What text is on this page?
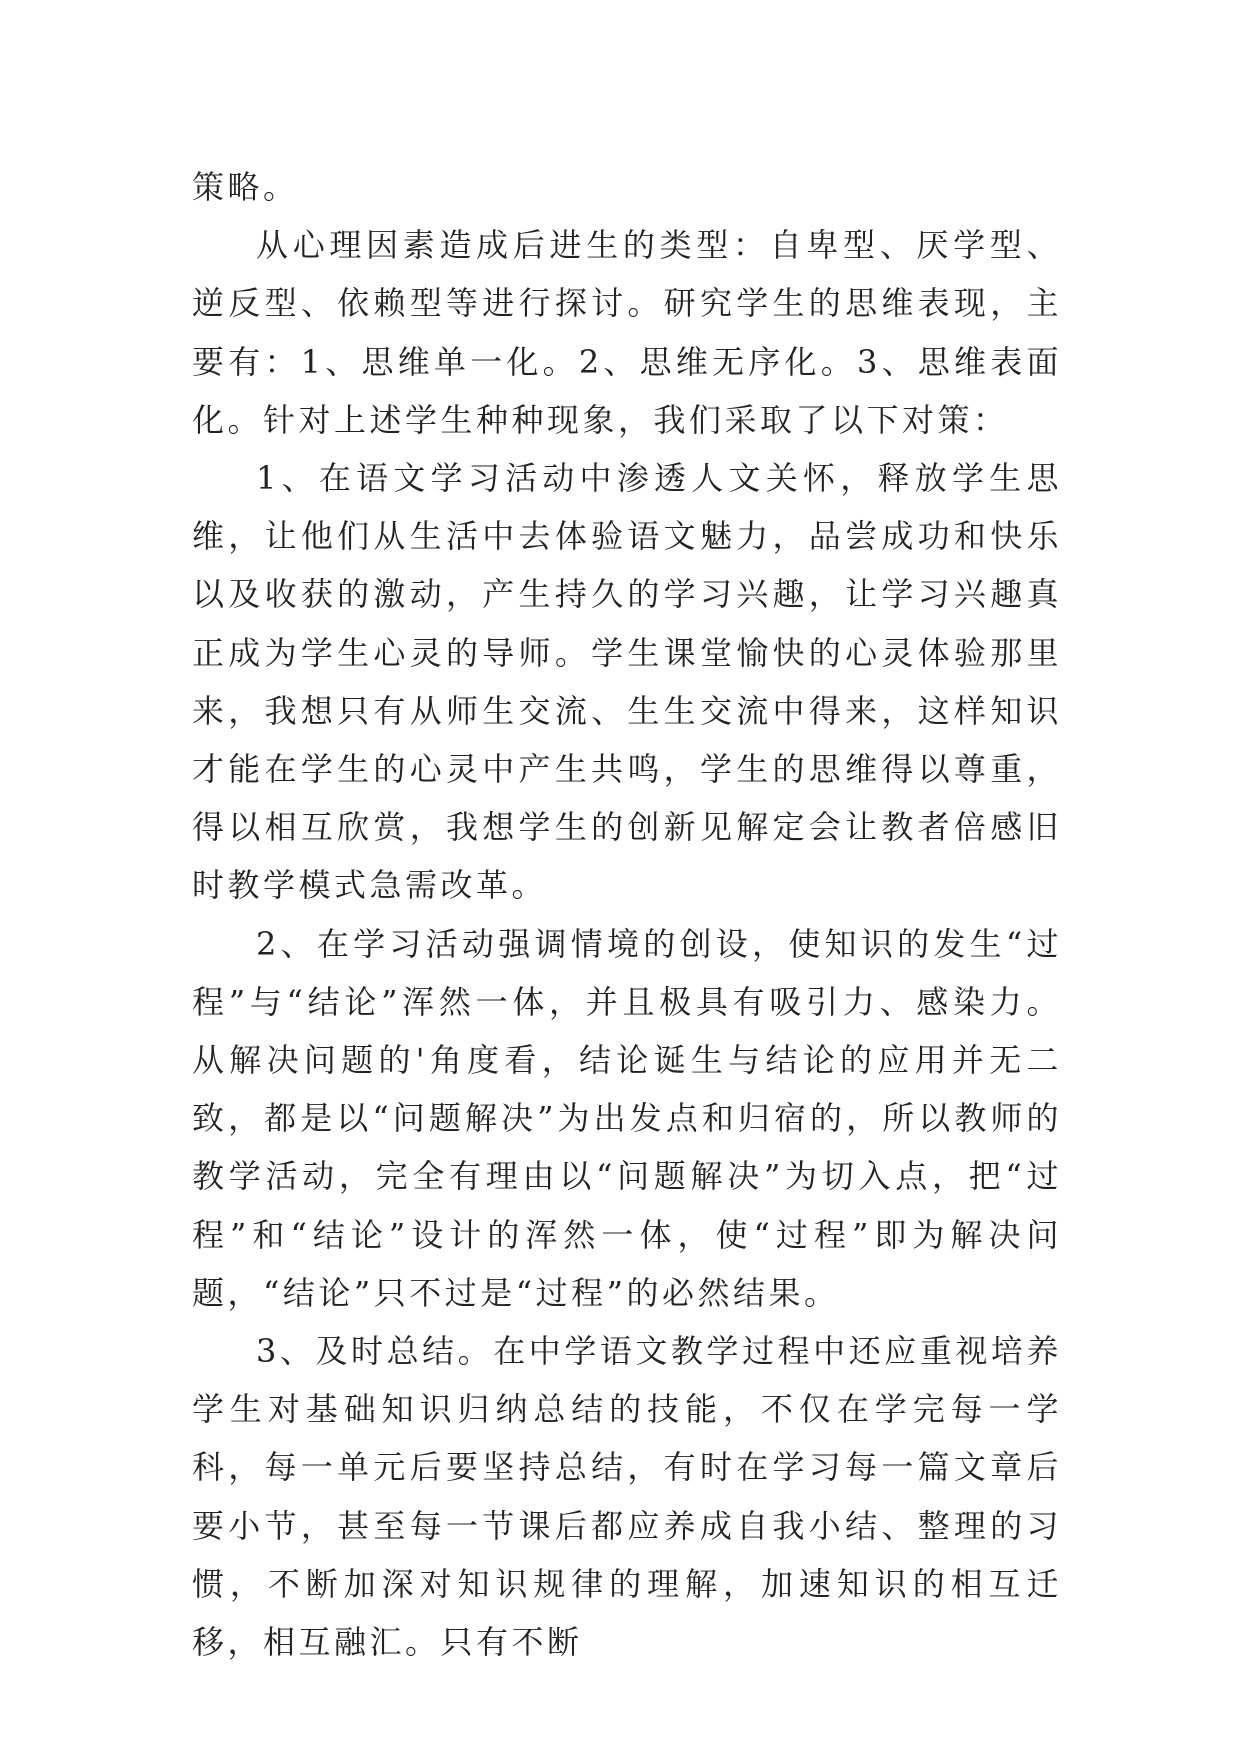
策略。

从心理因素造成后进生的类型：自卑型、厌学型、逆反型、依赖型等进行探讨。研究学生的思维表现，主要有：1、思维单一化。2、思维无序化。3、思维表面化。针对上述学生种种现象，我们采取了以下对策：

1、在语文学习活动中渗透人文关怀，释放学生思维，让他们从生活中去体验语文魅力，品尝成功和快乐以及收获的激动，产生持久的学习兴趣，让学习兴趣真正成为学生心灵的导师。学生课堂愉快的心灵体验那里来，我想只有从师生交流、生生交流中得来，这样知识才能在学生的心灵中产生共鸣，学生的思维得以尊重，得以相互欣赏，我想学生的创新见解定会让教者倍感旧时教学模式急需改革。

2、在学习活动强调情境的创设，使知识的发生“过程”与“结论”浑然一体，并且极具有吸引力、感染力。从解决问题的'角度看，结论诞生与结论的应用并无二致，都是以“问题解决”为出发点和归宿的，所以教师的教学活动，完全有理由以“问题解决”为切入点，把“过程”和“结论”设计的浑然一体，使“过程”即为解决问题，“结论”只不过是“过程”的必然结果。

3、及时总结。在中学语文教学过程中还应重视培养学生对基础知识归纳总结的技能，不仅在学完每一学科，每一单元后要坚持总结，有时在学习每一篇文章后要小节，甚至每一节课后都应养成自我小结、整理的习惯，不断加深对知识规律的理解，加速知识的相互迁移，相互融汇。只有不断
